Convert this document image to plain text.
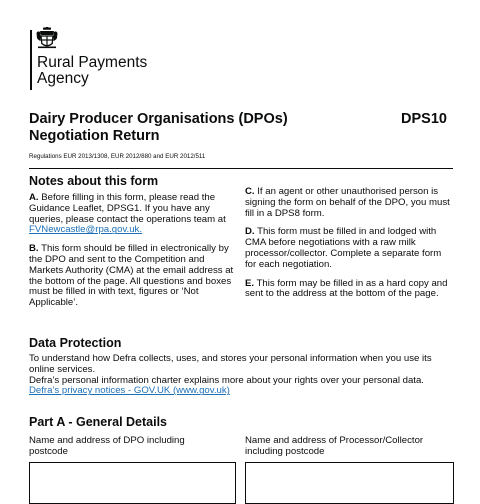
Rural Payments
Agency
Dairy Producer Organisations (DPOs)
Negotiation Return
DPS10
Regulations EUR 2013/1308, EUR 2012/880 and EUR 2012/511
Notes about this form

A. Before filling in this form, please read the Guidance Leaflet, DPSG1. If you have any queries, please contact the operations team at FVNewcastle@rpa.gov.uk.

B. This form should be filled in electronically by the DPO and sent to the Competition and Markets Authority (CMA) at the email address at the bottom of the page. All questions and boxes must be filled in with text, figures or ‘Not Applicable’.

C. If an agent or other unauthorised person is signing the form on behalf of the DPO, you must fill in a DPS8 form.

D. This form must be filled in and lodged with CMA before negotiations with a raw milk processor/collector. Complete a separate form for each negotiation.

E. This form may be filled in as a hard copy and sent to the address at the bottom of the page.

Data Protection

To understand how Defra collects, uses, and stores your personal information when you use its online services.

Defra’s personal information charter explains more about your rights over your personal data.

Defra’s privacy notices - GOV.UK (www.gov.uk)

Part A - General Details
Name and address of DPO including postcode
Name and address of Processor/Collector including postcode
